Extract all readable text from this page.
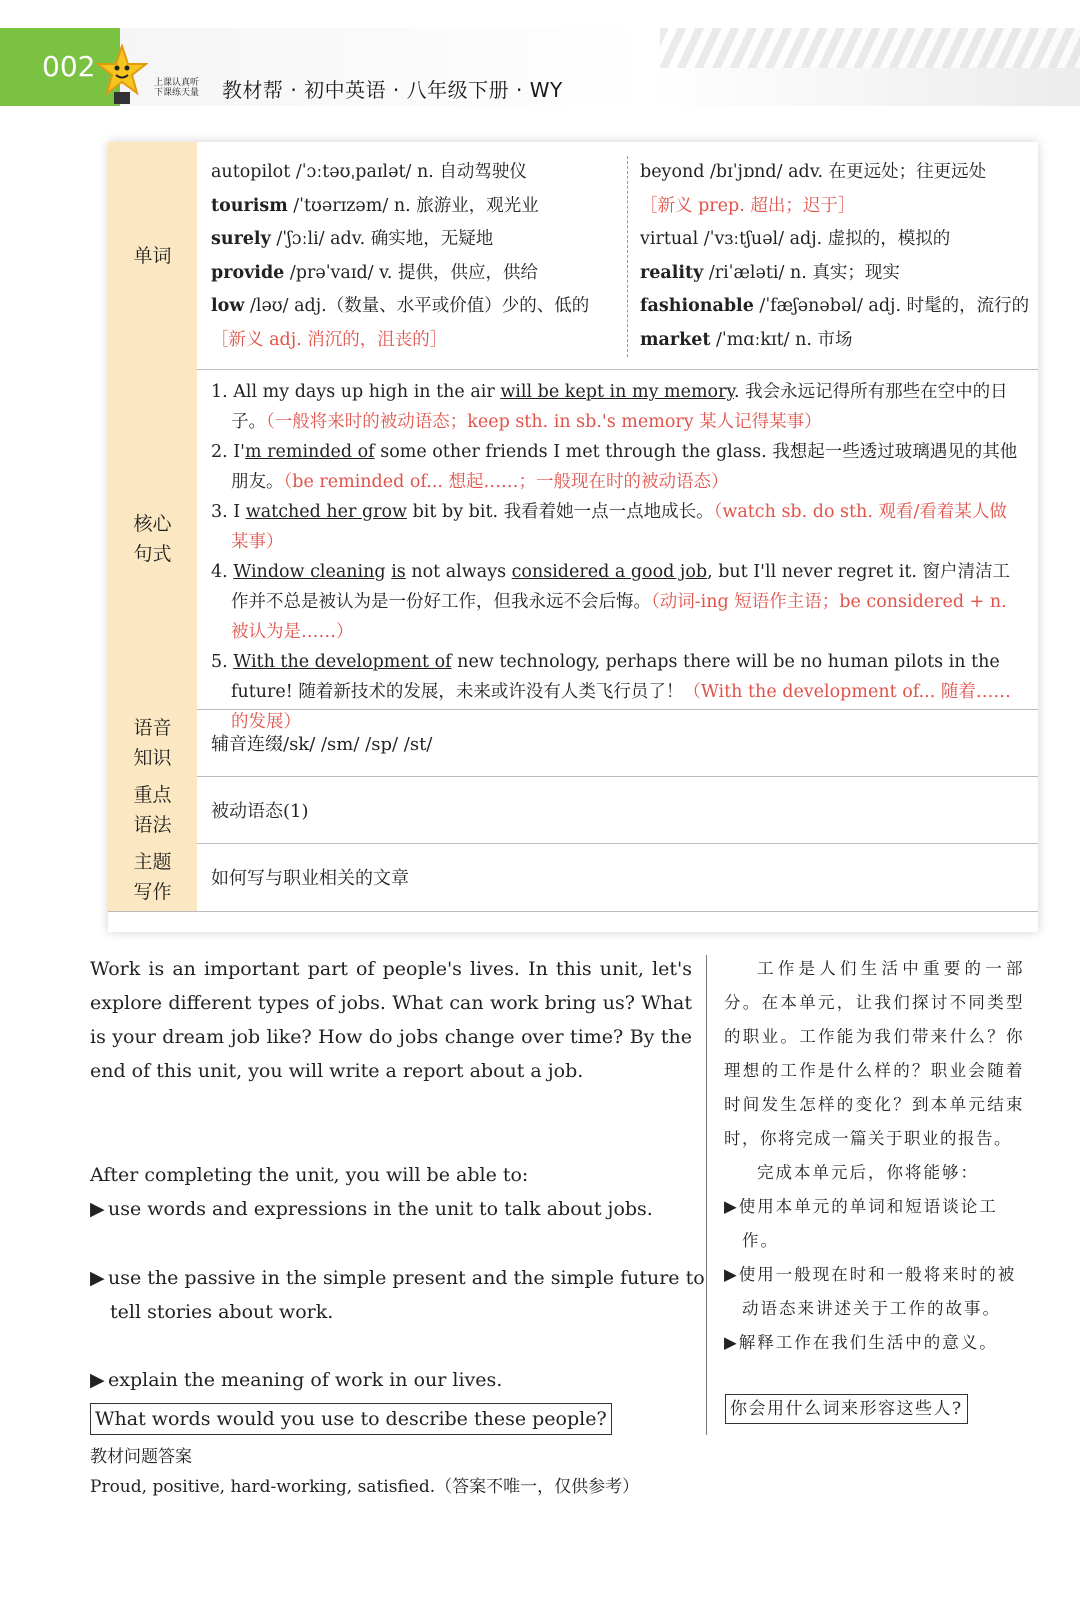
002	上课认真听
下课练天量 教材帮 · 初中英语 · 八年级下册 · WY
单词
autopilot /ˈɔːtəʊˌpaɪlət/ n. 自动驾驶仪
tourism /ˈtʊərɪzəm/ n. 旅游业，观光业
surely /ˈʃɔːli/ adv. 确实地，无疑地
provide /prəˈvaɪd/ v. 提供，供应，供给
low /ləʊ/ adj.（数量、水平或价值）少的、低的
［新义 adj. 消沉的，沮丧的］
beyond /bɪˈjɒnd/ adv. 在更远处；往更远处
［新义 prep. 超出；迟于］
virtual /ˈvɜːtʃuəl/ adj. 虚拟的，模拟的
reality /riˈæləti/ n. 真实；现实
fashionable /ˈfæʃənəbəl/ adj. 时髦的，流行的
market /ˈmɑːkɪt/ n. 市场
核心
句式

1. All my days up high in the air will be kept in my memory. 我会永远记得所有那些在空中的日子。（一般将来时的被动语态；keep sth. in sb.'s memory 某人记得某事）

2. I'm reminded of some other friends I met through the glass. 我想起一些透过玻璃遇见的其他朋友。（be reminded of... 想起……；一般现在时的被动语态）

3. I watched her grow bit by bit. 我看着她一点一点地成长。（watch sb. do sth. 观看/看着某人做某事）

4. Window cleaning is not always considered a good job, but I'll never regret it. 窗户清洁工作并不总是被认为是一份好工作，但我永远不会后悔。（动词-ing 短语作主语；be considered + n. 被认为是……）

5. With the development of new technology, perhaps there will be no human pilots in the future! 随着新技术的发展，未来或许没有人类飞行员了！（With the development of... 随着……的发展）

语音
知识
辅音连缀/sk/ /sm/ /sp/ /st/
重点
语法
被动语态(1)
主题
写作
如何写与职业相关的文章
Work is an important part of people's lives. In this unit, let's explore different types of jobs. What can work bring us? What is your dream job like? How do jobs change over time? By the end of this unit, you will write a report about a job.

工作是人们生活中重要的一部分。在本单元，让我们探讨不同类型的职业。工作能为我们带来什么？你理想的工作是什么样的？职业会随着时间发生怎样的变化？到本单元结束时，你将完成一篇关于职业的报告。

After completing the unit, you will be able to:
▶ use words and expressions in the unit to talk about jobs.
▶ use the passive in the simple present and the simple future to tell stories about work.
▶ explain the meaning of work in our lives.

完成本单元后，你将能够：

▶使用本单元的单词和短语谈论工作。

▶使用一般现在时和一般将来时的被动语态来讲述关于工作的故事。

▶解释工作在我们生活中的意义。

What words would you use to describe these people?	你会用什么词来形容这些人?
教材问题答案
Proud, positive, hard-working, satisfied.（答案不唯一，仅供参考）
